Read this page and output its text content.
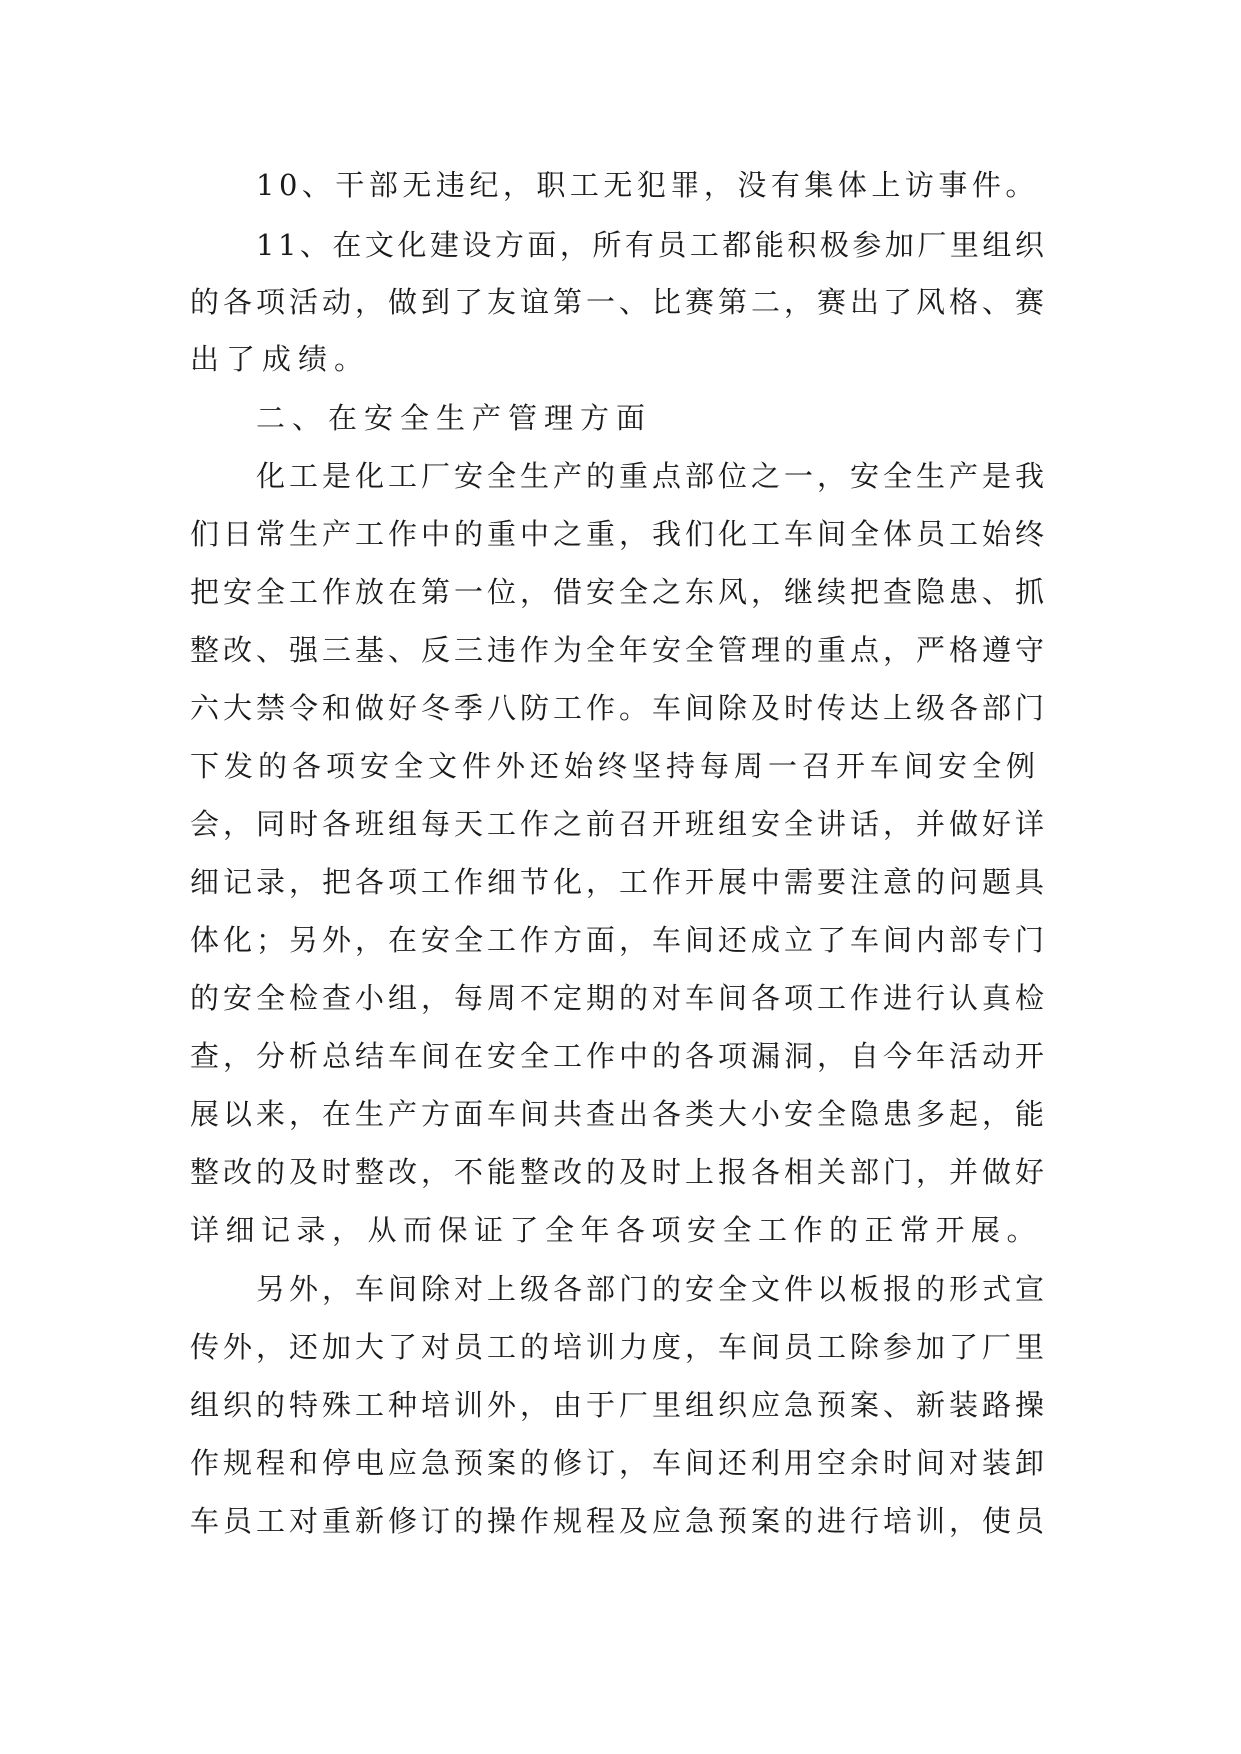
10、干部无违纪，职工无犯罪，没有集体上访事件。
11、在文化建设方面，所有员工都能积极参加厂里组织
的各项活动，做到了友谊第一、比赛第二，赛出了风格、赛
出了成绩。
二、在安全生产管理方面
化工是化工厂安全生产的重点部位之一，安全生产是我
们日常生产工作中的重中之重，我们化工车间全体员工始终
把安全工作放在第一位，借安全之东风，继续把查隐患、抓
整改、强三基、反三违作为全年安全管理的重点，严格遵守
六大禁令和做好冬季八防工作。车间除及时传达上级各部门
下发的各项安全文件外还始终坚持每周一召开车间安全例
会，同时各班组每天工作之前召开班组安全讲话，并做好详
细记录，把各项工作细节化，工作开展中需要注意的问题具
体化；另外，在安全工作方面，车间还成立了车间内部专门
的安全检查小组，每周不定期的对车间各项工作进行认真检
查，分析总结车间在安全工作中的各项漏洞，自今年活动开
展以来，在生产方面车间共查出各类大小安全隐患多起，能
整改的及时整改，不能整改的及时上报各相关部门，并做好
详细记录，从而保证了全年各项安全工作的正常开展。
另外，车间除对上级各部门的安全文件以板报的形式宣
传外，还加大了对员工的培训力度，车间员工除参加了厂里
组织的特殊工种培训外，由于厂里组织应急预案、新装路操
作规程和停电应急预案的修订，车间还利用空余时间对装卸
车员工对重新修订的操作规程及应急预案的进行培训，使员
